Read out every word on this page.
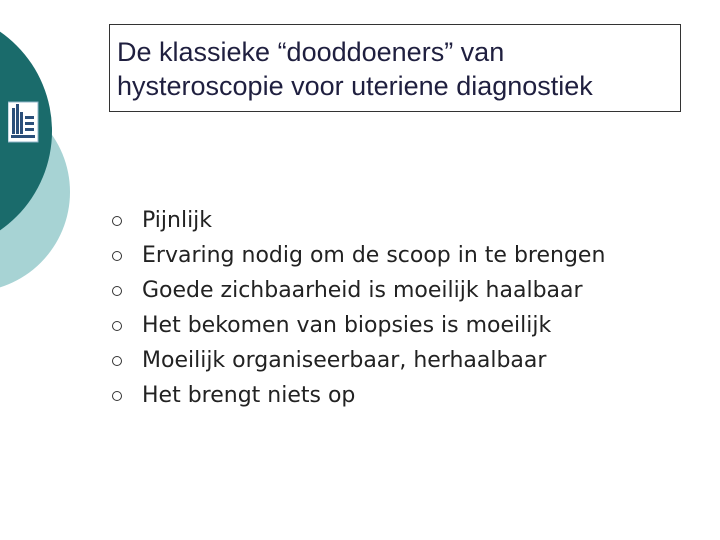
De klassieke “dooddoeners” van
hysteroscopie voor uteriene diagnostiek
Pijnlijk
Ervaring nodig om de scoop in te brengen
Goede zichbaarheid is moeilijk haalbaar
Het bekomen van biopsies is moeilijk
Moeilijk organiseerbaar, herhaalbaar
Het brengt niets op
